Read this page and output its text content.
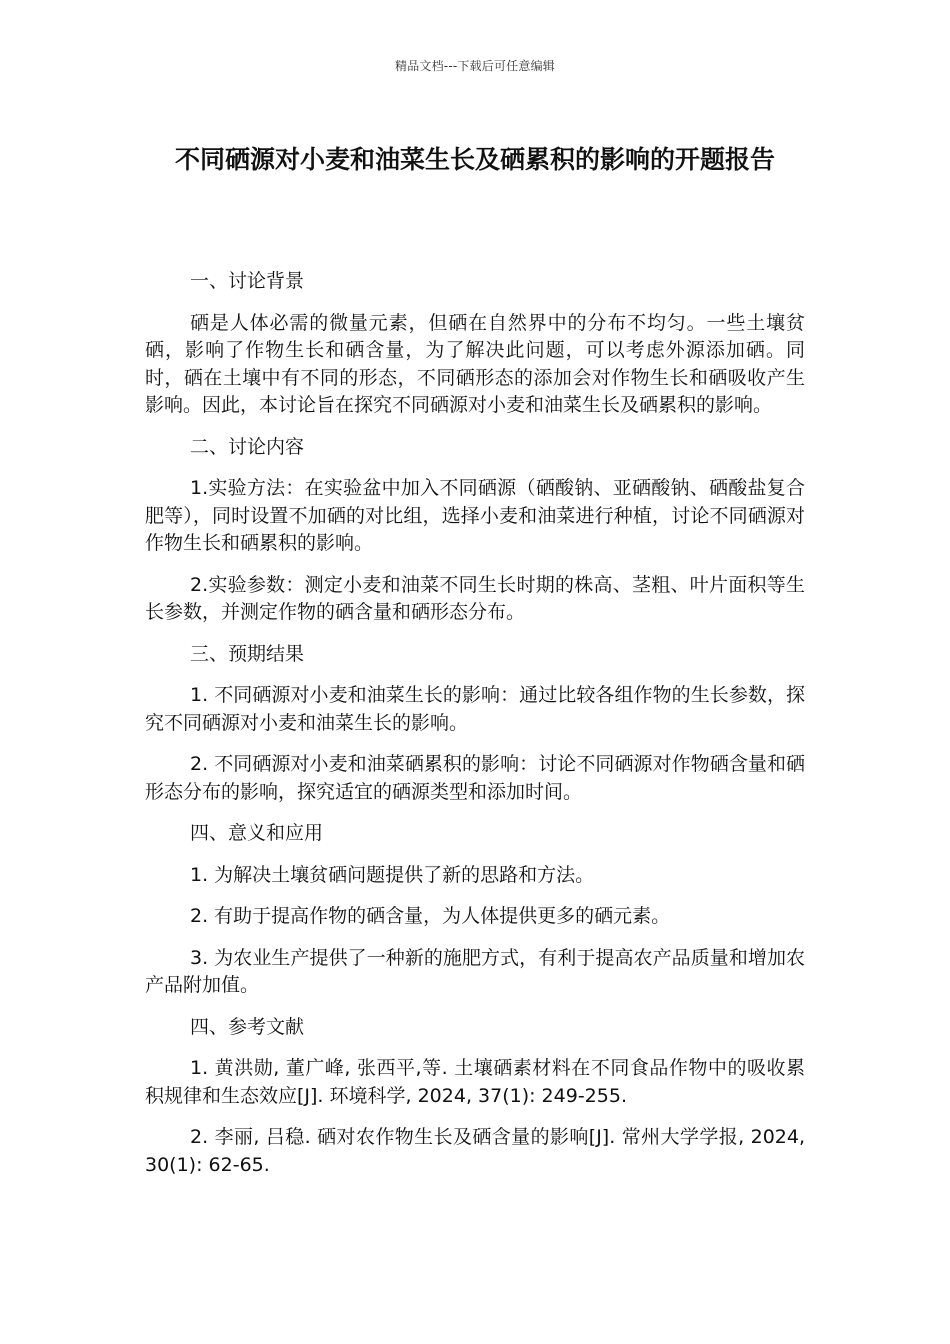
精品文档---下载后可任意编辑
不同硒源对小麦和油菜生长及硒累积的影响的开题报告

一、讨论背景

硒是人体必需的微量元素，但硒在自然界中的分布不均匀。一些土壤贫硒，影响了作物生长和硒含量，为了解决此问题，可以考虑外源添加硒。同时，硒在土壤中有不同的形态，不同硒形态的添加会对作物生长和硒吸收产生影响。因此，本讨论旨在探究不同硒源对小麦和油菜生长及硒累积的影响。

二、讨论内容

1.实验方法：在实验盆中加入不同硒源（硒酸钠、亚硒酸钠、硒酸盐复合肥等），同时设置不加硒的对比组，选择小麦和油菜进行种植，讨论不同硒源对作物生长和硒累积的影响。

2.实验参数：测定小麦和油菜不同生长时期的株高、茎粗、叶片面积等生长参数，并测定作物的硒含量和硒形态分布。

三、预期结果

1. 不同硒源对小麦和油菜生长的影响：通过比较各组作物的生长参数，探究不同硒源对小麦和油菜生长的影响。

2. 不同硒源对小麦和油菜硒累积的影响：讨论不同硒源对作物硒含量和硒形态分布的影响，探究适宜的硒源类型和添加时间。

四、意义和应用

1. 为解决土壤贫硒问题提供了新的思路和方法。

2. 有助于提高作物的硒含量，为人体提供更多的硒元素。

3. 为农业生产提供了一种新的施肥方式，有利于提高农产品质量和增加农产品附加值。

四、参考文献

1. 黄洪勋, 董广峰, 张西平,等. 土壤硒素材料在不同食品作物中的吸收累积规律和生态效应[J]. 环境科学, 2024, 37(1): 249-255.

2. 李丽, 吕稳. 硒对农作物生长及硒含量的影响[J]. 常州大学学报, 2024, 30(1): 62-65.
